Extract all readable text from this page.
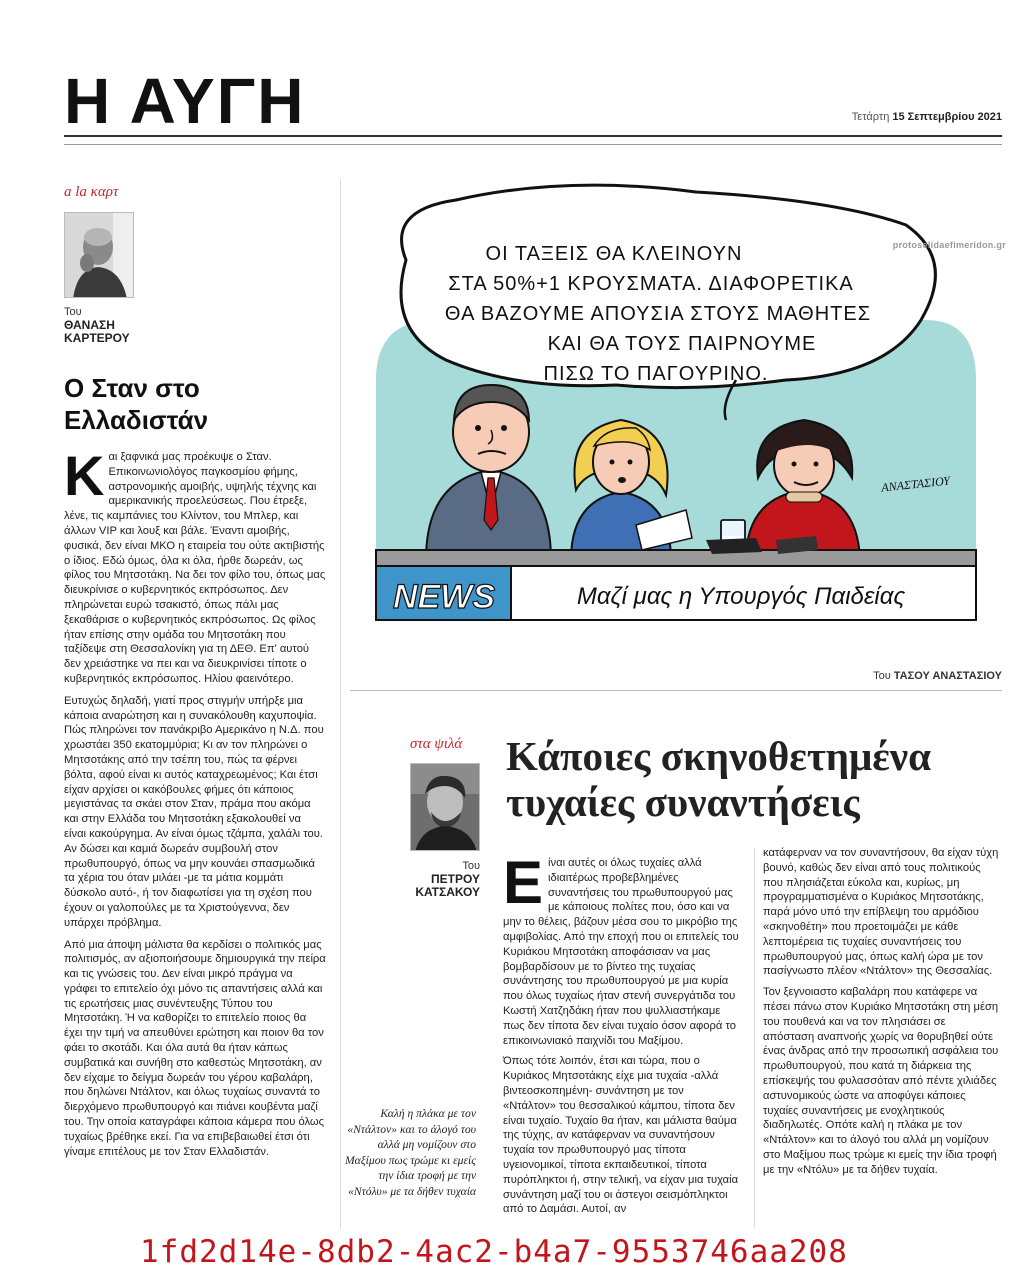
Η ΑΥΓΗ	Τετάρτη 15 Σεπτεμβρίου 2021
a la καρτ
Του
ΘΑΝΑΣΗ
ΚΑΡΤΕΡΟΥ
Ο Σταν στο Ελλαδιστάν

Και ξαφνικά μας προέκυψε ο Σταν. Επικοινωνιολόγος παγκοσμίου φήμης, αστρονομικής αμοιβής, υψηλής τέχνης και αμερικανικής προελεύσεως. Που έτρεξε, λένε, τις καμπάνιες του Κλίντον, του Μπλερ, και άλλων VIP και λουξ και βάλε. Έναντι αμοιβής, φυσικά, δεν είναι ΜΚΟ η εταιρεία του ούτε ακτιβιστής ο ίδιος. Εδώ όμως, όλα κι όλα, ήρθε δωρεάν, ως φίλος του Μητσοτάκη. Να δει τον φίλο του, όπως μας διευκρίνισε ο κυβερνητικός εκπρόσωπος. Δεν πληρώνεται ευρώ τσακιστό, όπως πάλι μας ξεκαθάρισε ο κυβερνητικός εκπρόσωπος. Ως φίλος ήταν επίσης στην ομάδα του Μητσοτάκη που ταξίδεψε στη Θεσσαλονίκη για τη ΔΕΘ. Επ' αυτού δεν χρειάστηκε να πει και να διευκρινίσει τίποτε ο κυβερνητικός εκπρόσωπος. Ηλίου φαεινότερο.

Ευτυχώς δηλαδή, γιατί προς στιγμήν υπήρξε μια κάποια αναρώτηση και η συνακόλουθη καχυποψία. Πώς πληρώνει τον πανάκριβο Αμερικάνο η Ν.Δ. που χρωστάει 350 εκατομμύρια; Κι αν τον πληρώνει ο Μητσοτάκης από την τσέπη του, πώς τα φέρνει βόλτα, αφού είναι κι αυτός καταχρεωμένος; Και έτσι είχαν αρχίσει οι κακόβουλες φήμες ότι κάποιος μεγιστάνας τα σκάει στον Σταν, πράμα που ακόμα και στην Ελλάδα του Μητσοτάκη εξακολουθεί να είναι κακούργημα. Αν είναι όμως τζάμπα, χαλάλι του. Αν δώσει και καμιά δωρεάν συμβουλή στον πρωθυπουργό, όπως να μην κουνάει σπασμωδικά τα χέρια του όταν μιλάει -με τα μάτια κομμάτι δύσκολο αυτό-, ή τον διαφωτίσει για τη σχέση που έχουν οι γαλοπούλες με τα Χριστούγεννα, δεν υπάρχει πρόβλημα.

Από μια άποψη μάλιστα θα κερδίσει ο πολιτικός μας πολιτισμός, αν αξιοποιήσουμε δημιουργικά την πείρα και τις γνώσεις του. Δεν είναι μικρό πράγμα να γράφει το επιτελείο όχι μόνο τις απαντήσεις αλλά και τις ερωτήσεις μιας συνέντευξης Τύπου του Μητσοτάκη. Ή να καθορίζει το επιτελείο ποιος θα έχει την τιμή να απευθύνει ερώτηση και ποιον θα τον φάει το σκοτάδι. Και όλα αυτά θα ήταν κάπως συμβατικά και συνήθη στο καθεστώς Μητσοτάκη, αν δεν είχαμε το δείγμα δωρεάν του γέρου καβαλάρη, που δηλώνει Ντάλτον, και όλως τυχαίως συναντά το διερχόμενο πρωθυπουργό και πιάνει κουβέντα μαζί του. Την οποία καταγράφει κάποια κάμερα που όλως τυχαίως βρέθηκε εκεί. Για να επιβεβαιωθεί έτσι ότι γίναμε επιτέλους με τον Σταν Ελλαδιστάν.

ΟΙ ΤΑΞΕΙΣ ΘΑ ΚΛΕΙΝΟΥΝ
ΣΤΑ 50%+1 ΚΡΟΥΣΜΑΤΑ. ΔΙΑΦΟΡΕΤΙΚΑ
ΘΑ ΒΑΖΟΥΜΕ ΑΠΟΥΣΙΑ ΣΤΟΥΣ ΜΑΘΗΤΕΣ
ΚΑΙ ΘΑ ΤΟΥΣ ΠΑΙΡΝΟΥΜΕ
ΠΙΣΩ ΤΟ ΠΑΓΟΥΡΙΝΟ.
ΑΝΑΣΤΑΣΙΟΥ
NEWS	Μαζί μας η Υπουργός Παιδείας
protoselidaefimeridon.gr
Του ΤΑΣΟΥ ΑΝΑΣΤΑΣΙΟΥ
στα ψιλά
Του
ΠΕΤΡΟΥ
ΚΑΤΣΑΚΟΥ
Κάποιες σκηνοθετημένα τυχαίες συναντήσεις
Καλή η πλάκα με τον «Ντάλτον» και το άλογό του αλλά μη νομίζουν στο Μαξίμου πως τρώμε κι εμείς την ίδια τροφή με την «Ντόλυ» με τα δήθεν τυχαία

Είναι αυτές οι όλως τυχαίες αλλά ιδιαιτέρως προβεβλημένες συναντήσεις του πρωθυπουργού μας με κάποιους πολίτες που, όσο και να μην το θέλεις, βάζουν μέσα σου το μικρόβιο της αμφιβολίας. Από την εποχή που οι επιτελείς του Κυριάκου Μητσοτάκη αποφάσισαν να μας βομβαρδίσουν με το βίντεο της τυχαίας συνάντησης του πρωθυπουργού με μια κυρία που όλως τυχαίως ήταν στενή συνεργάτιδα του Κωστή Χατζηδάκη ήταν που ψυλλιαστήκαμε πως δεν τίποτα δεν είναι τυχαίο όσον αφορά το επικοινωνιακό παιχνίδι του Μαξίμου.

Όπως τότε λοιπόν, έτσι και τώρα, που ο Κυριάκος Μητσοτάκης είχε μια τυχαία -αλλά βιντεοσκοπημένη- συνάντηση με τον «Ντάλτον» του θεσσαλικού κάμπου, τίποτα δεν είναι τυχαίο. Τυχαίο θα ήταν, και μάλιστα θαύμα της τύχης, αν κατάφερναν να συναντήσουν τυχαία τον πρωθυπουργό μας τίποτα υγειονομικοί, τίποτα εκπαιδευτικοί, τίποτα πυρόπληκτοι ή, στην τελική, να είχαν μια τυχαία συνάντηση μαζί του οι άστεγοι σεισμόπληκτοι από το Δαμάσι. Αυτοί, αν

κατάφερναν να τον συναντήσουν, θα είχαν τύχη βουνό, καθώς δεν είναι από τους πολιτικούς που πλησιάζεται εύκολα και, κυρίως, μη προγραμματισμένα ο Κυριάκος Μητσοτάκης, παρά μόνο υπό την επίβλεψη του αρμόδιου «σκηνοθέτη» που προετοιμάζει με κάθε λεπτομέρεια τις τυχαίες συναντήσεις του πρωθυπουργού μας, όπως καλή ώρα με τον πασίγνωστο πλέον «Ντάλτον» της Θεσσαλίας.

Τον ξεγνοιαστο καβαλάρη που κατάφερε να πέσει πάνω στον Κυριάκο Μητσοτάκη στη μέση του πουθενά και να τον πλησιάσει σε απόσταση αναπνοής χωρίς να θορυβηθεί ούτε ένας άνδρας από την προσωπική ασφάλεια του πρωθυπουργού, που κατά τη διάρκεια της επίσκεψής του φυλασσόταν από πέντε χιλιάδες αστυνομικούς ώστε να αποφύγει κάποιες τυχαίες συναντήσεις με ενοχλητικούς διαδηλωτές. Οπότε καλή η πλάκα με τον «Ντάλτον» και το άλογό του αλλά μη νομίζουν στο Μαξίμου πως τρώμε κι εμείς την ίδια τροφή με την «Ντόλυ» με τα δήθεν τυχαία.

1fd2d14e-8db2-4ac2-b4a7-9553746aa208
